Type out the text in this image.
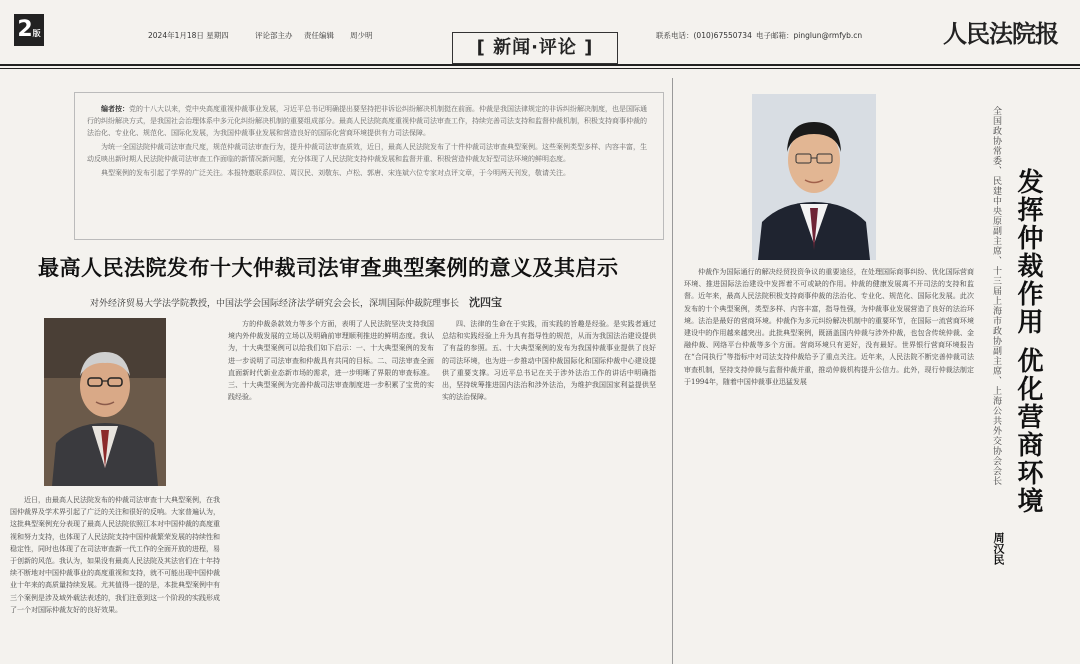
2版	2024年1月18日 星期四	评论部主办 责任编辑 周少明
[ 新闻·评论 ]
联系电话：(010)67550734 电子邮箱：pinglun@rmfyb.cn	人民法院报

编者按：党的十八大以来，党中央高度重视仲裁事业发展，习近平总书记明确提出要坚持把非诉讼纠纷解决机制挺在前面。仲裁是我国法律规定的非诉纠纷解决制度，也是国际通行的纠纷解决方式，是我国社会治理体系中多元化纠纷解决机制的重要组成部分。最高人民法院高度重视仲裁司法审查工作，持续完善司法支持和监督仲裁机制，积极支持商事仲裁的法治化、专业化、规范化、国际化发展，为我国仲裁事业发展和营造良好的国际化营商环境提供有力司法保障。

为统一全国法院仲裁司法审查尺度，规范仲裁司法审查行为，提升仲裁司法审查质效，近日，最高人民法院发布了十件仲裁司法审查典型案例。这些案例类型多样、内容丰富，生动反映出新时期人民法院仲裁司法审查工作面临的新情况新问题，充分体现了人民法院支持仲裁发展和监督并重、积极营造仲裁友好型司法环境的鲜明态度。

典型案例的发布引起了学界的广泛关注。本报特邀联系四位、周汉民、刘敬东、卢松、郭唐、宋连斌六位专家对点评文章，于今明两天刊发，敬请关注。

最高人民法院发布十大仲裁司法审查典型案例的意义及其启示
对外经济贸易大学法学院教授，中国法学会国际经济法学研究会会长，深圳国际仲裁院理事长 沈四宝

近日，由最高人民法院发布的仲裁司法审查十大典型案例，在我国仲裁界及学术界引起了广泛的关注和很好的反响。大家普遍认为，这批典型案例充分表现了最高人民法院依照江本对中国仲裁的高度重视和努力支持，也体现了人民法院支持中国仲裁繁荣发展的持续性和稳定性，同时也体现了在司法审查新一代工作的全面开放的进程，易于创新的风范。我认为，如果没有最高人民法院及其法官们在十年持续不断地对中国仲裁事业的高度重视和支持，就不可能出现中国仲裁业十年来的高质量持续发展。尤其值得一提的是，本批典型案例中有三个案例是涉及域外载法表述的，我们注意到这一个阶段的实践形成了一个对国际仲裁友好的良好效果。

方的仲裁条款效力等多个方面，表明了人民法院坚决支持我国境内外仲裁发展的立场以及明确前审理顺利推进的鲜明态度。我认为，十大典型案例可以给我们如下启示：一、十大典型案例的发布进一步说明了司法审查和仲裁具有共同的目标。二、司法审查全面直面新时代新业态新市场的需求，进一步明晰了界限的审查标准。三、十大典型案例为完善仲裁司法审查制度进一步积累了宝贵的实践经验。

四、法律的生命在于实践，而实践的旨趣是经验。是实践者通过总结和实践经验上升为具有指导性的规范，从而为我国法治建设提供了有益的参照。五、十大典型案例的发布为我国仲裁事业提供了良好的司法环境，也为进一步推动中国仲裁国际化和国际仲裁中心建设提供了重要支撑。习近平总书记在关于涉外法治工作的讲话中明确指出，坚持统筹推进国内法治和涉外法治，为维护我国国家利益提供坚实的法治保障。	发挥仲裁作用 优化营商环境
全国政协常委、民建中央原副主席、十三届上海市政协副主席、上海公共外交协会会长
周汉民

仲裁作为国际通行的解决经贸投资争议的重要途径，在处理国际商事纠纷、优化国际营商环境、推进国际法治建设中发挥着不可或缺的作用。仲裁的健康发展离不开司法的支持和监督。近年来，最高人民法院积极支持商事仲裁的法治化、专业化、规范化、国际化发展。此次发布的十个典型案例，类型多样、内容丰富，指导性强，为仲裁事业发展营造了良好的法治环境。法治是最好的营商环境。仲裁作为多元纠纷解决机制中的重要环节，在国际一流营商环境建设中的作用越来越突出。此批典型案例，既涵盖国内仲裁与涉外仲裁，也包含传统仲裁、金融仲裁、网络平台仲裁等多个方面。营商环境只有更好，没有最好。世界银行营商环境报告在“合同执行”等指标中对司法支持仲裁给予了重点关注。近年来，人民法院不断完善仲裁司法审查机制，坚持支持仲裁与监督仲裁并重，推动仲裁机构提升公信力。此外，现行仲裁法制定于1994年，随着中国仲裁事业迅猛发展
